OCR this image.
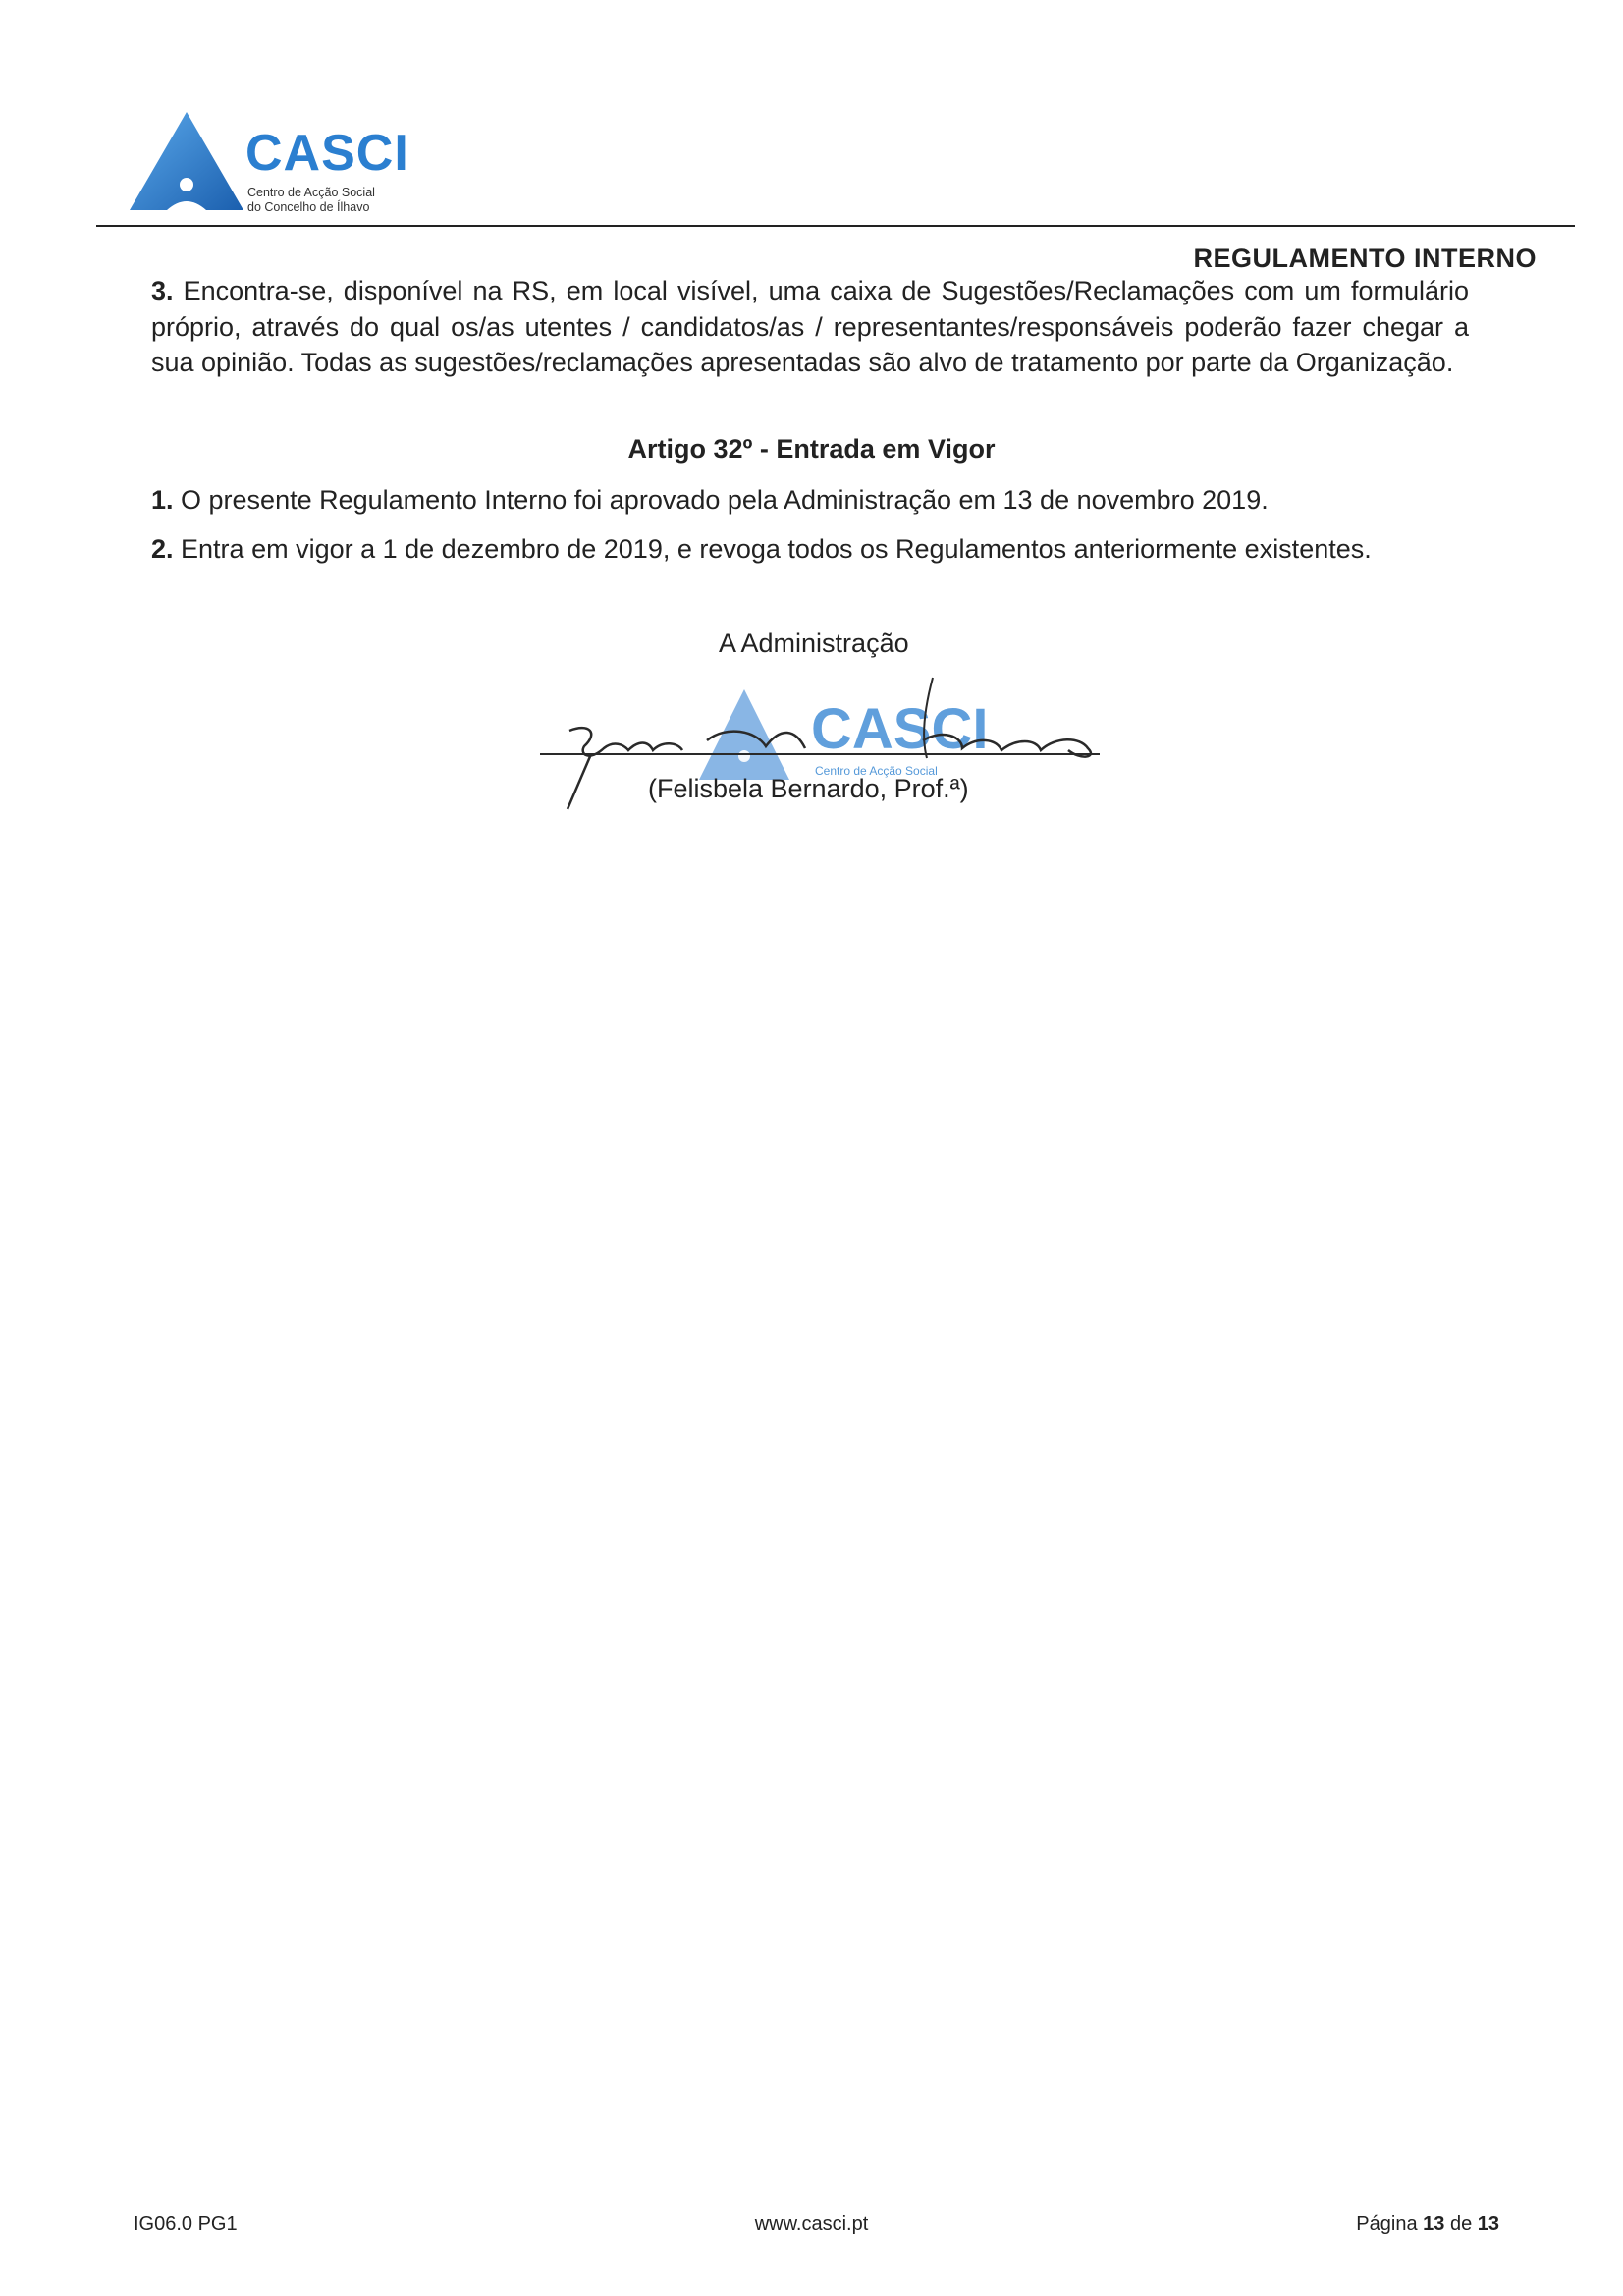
CASCI
Centro de Acção Social
do Concelho de Ílhavo
REGULAMENTO INTERNO
3. Encontra-se, disponível na RS, em local visível, uma caixa de Sugestões/Reclamações com um formulário próprio, através do qual os/as utentes / candidatos/as / representantes/responsáveis poderão fazer chegar a sua opinião. Todas as sugestões/reclamações apresentadas são alvo de tratamento por parte da Organização.
Artigo 32º - Entrada em Vigor
1. O presente Regulamento Interno foi aprovado pela Administração em 13 de novembro 2019.
2. Entra em vigor a 1 de dezembro de 2019, e revoga todos os Regulamentos anteriormente existentes.
A Administração
CASCI
Centro de Acção Social
(Felisbela Bernardo, Prof.ª)
IG06.0 PG1	www.casci.pt	Página 13 de 13
